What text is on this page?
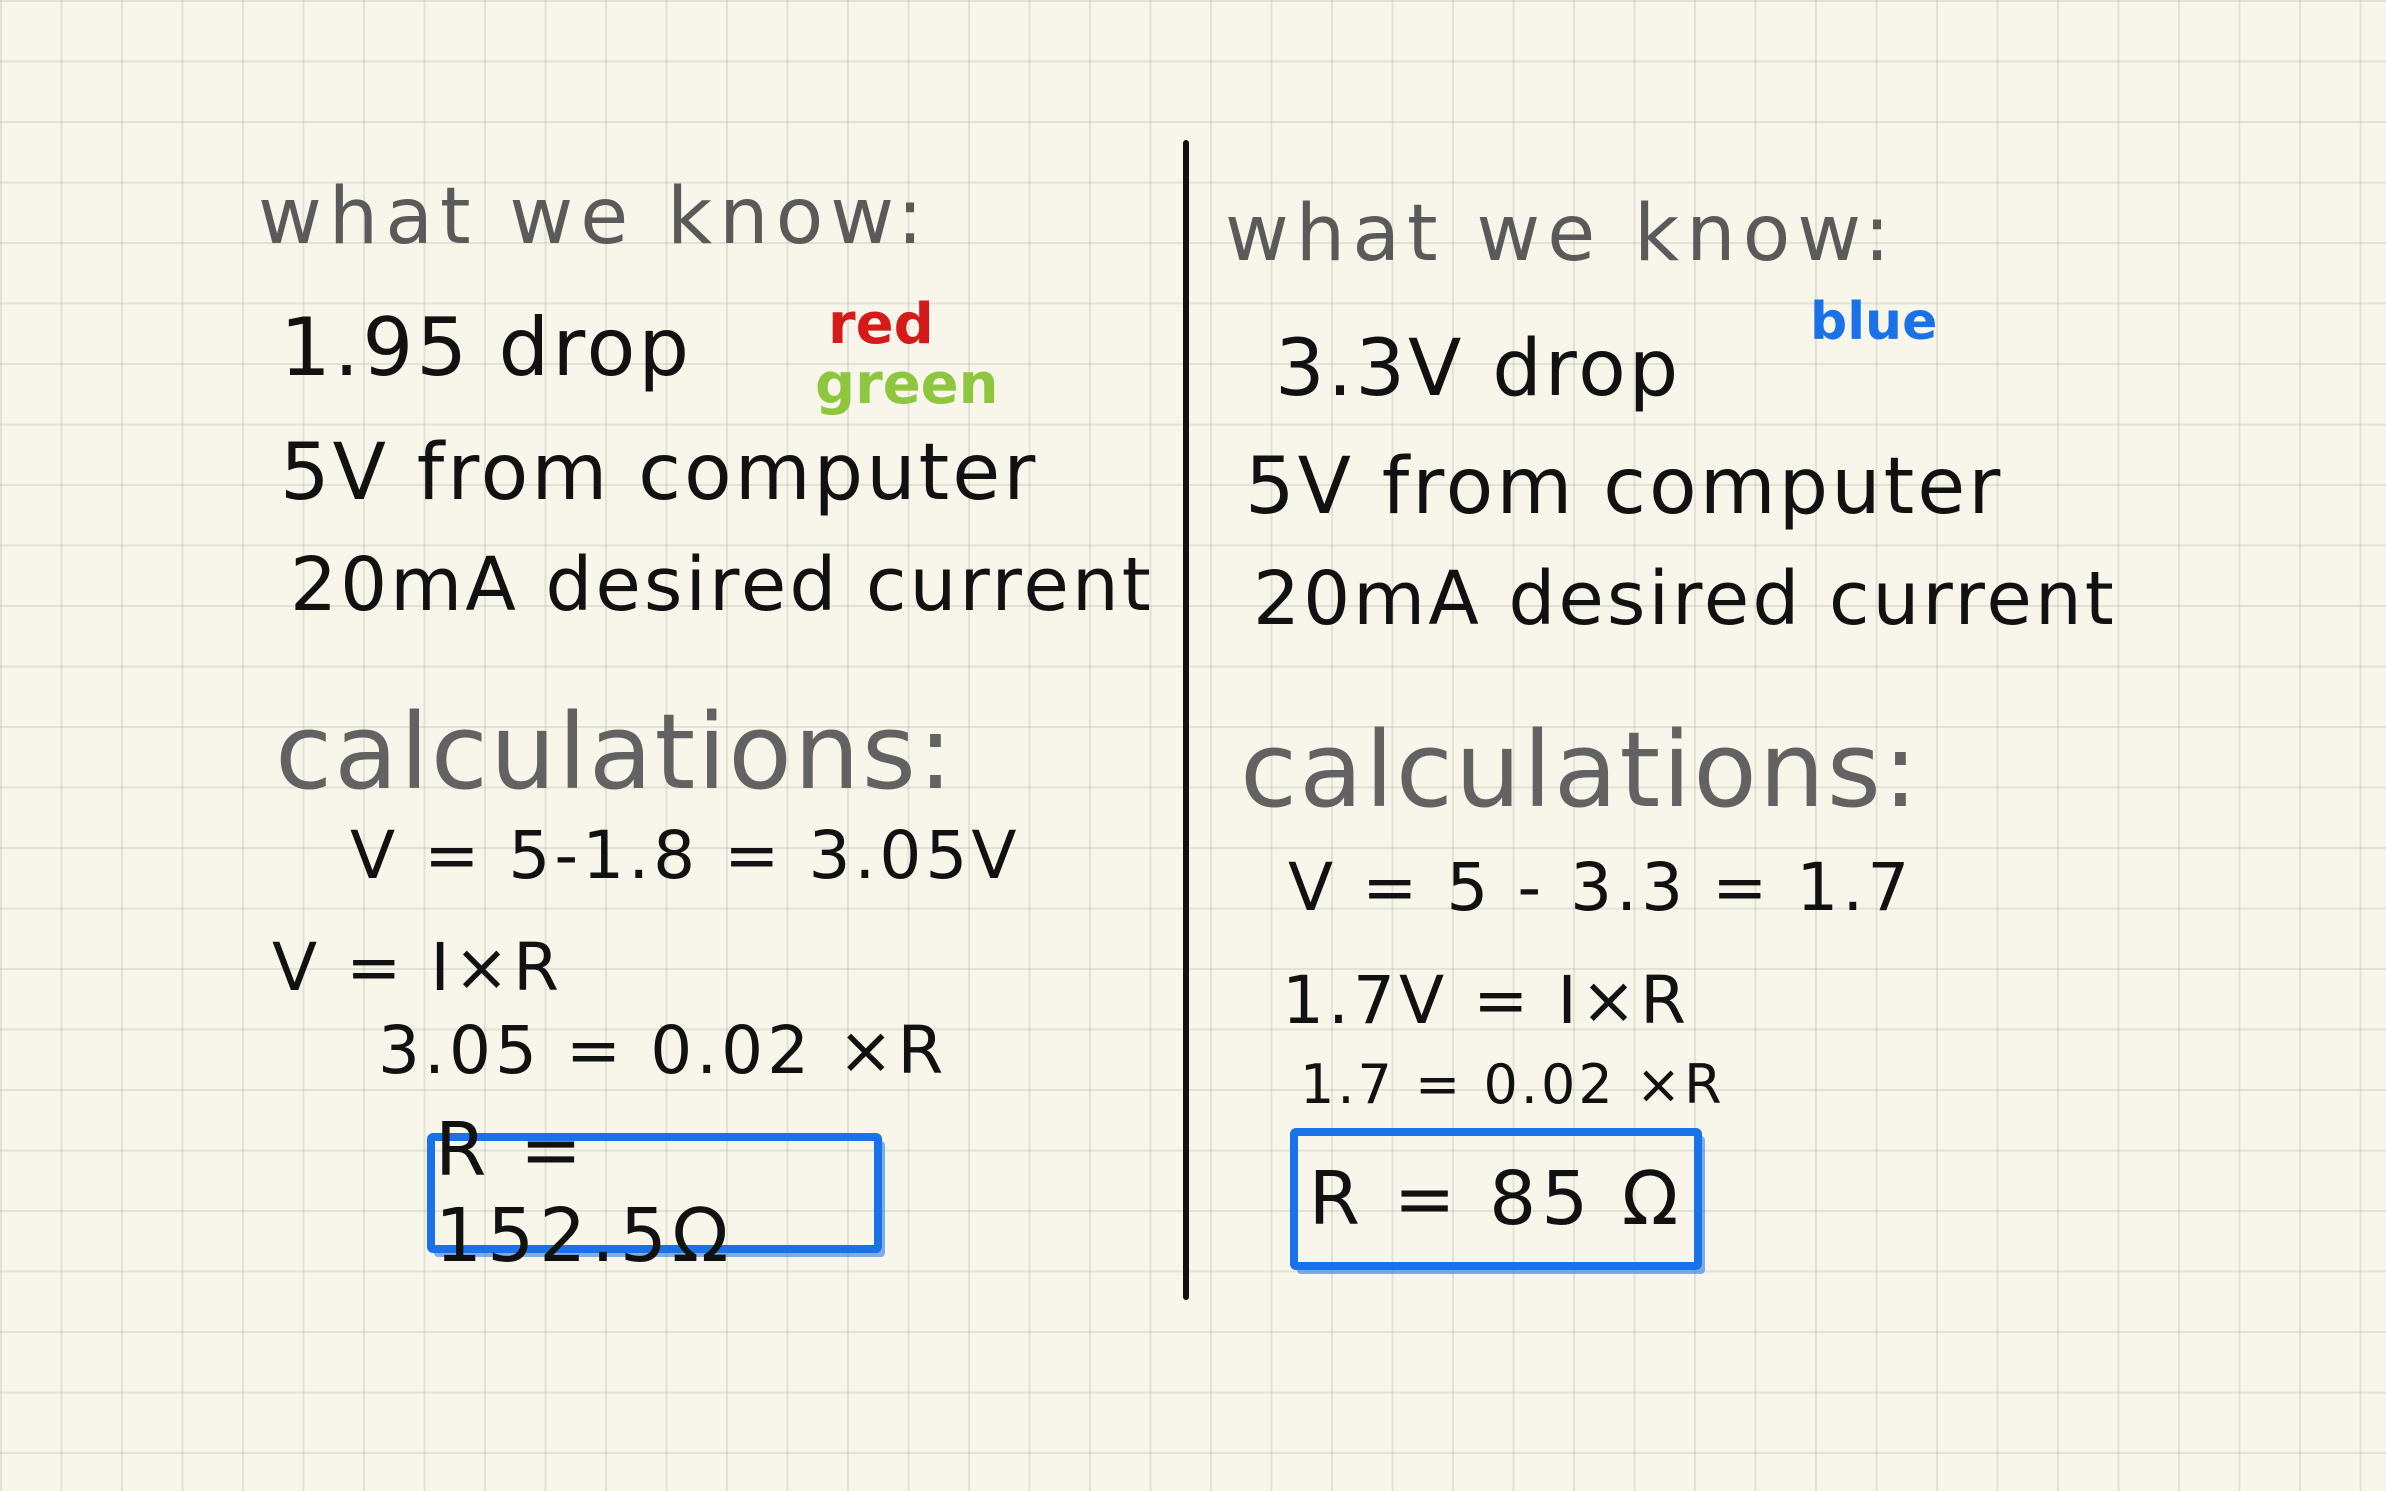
what we know:
1.95 drop red
green
5V from computer
20mA desired current
calculations:
V = 5-1.8 = 3.05V
V = I×R
3.05 = 0.02 ×R
R = 152.5Ω
what we know:
3.3V drop
blue
5V from computer
20mA desired current
calculations:
V = 5 - 3.3 = 1.7
1.7V = I×R
1.7 = 0.02 ×R
R = 85 Ω
